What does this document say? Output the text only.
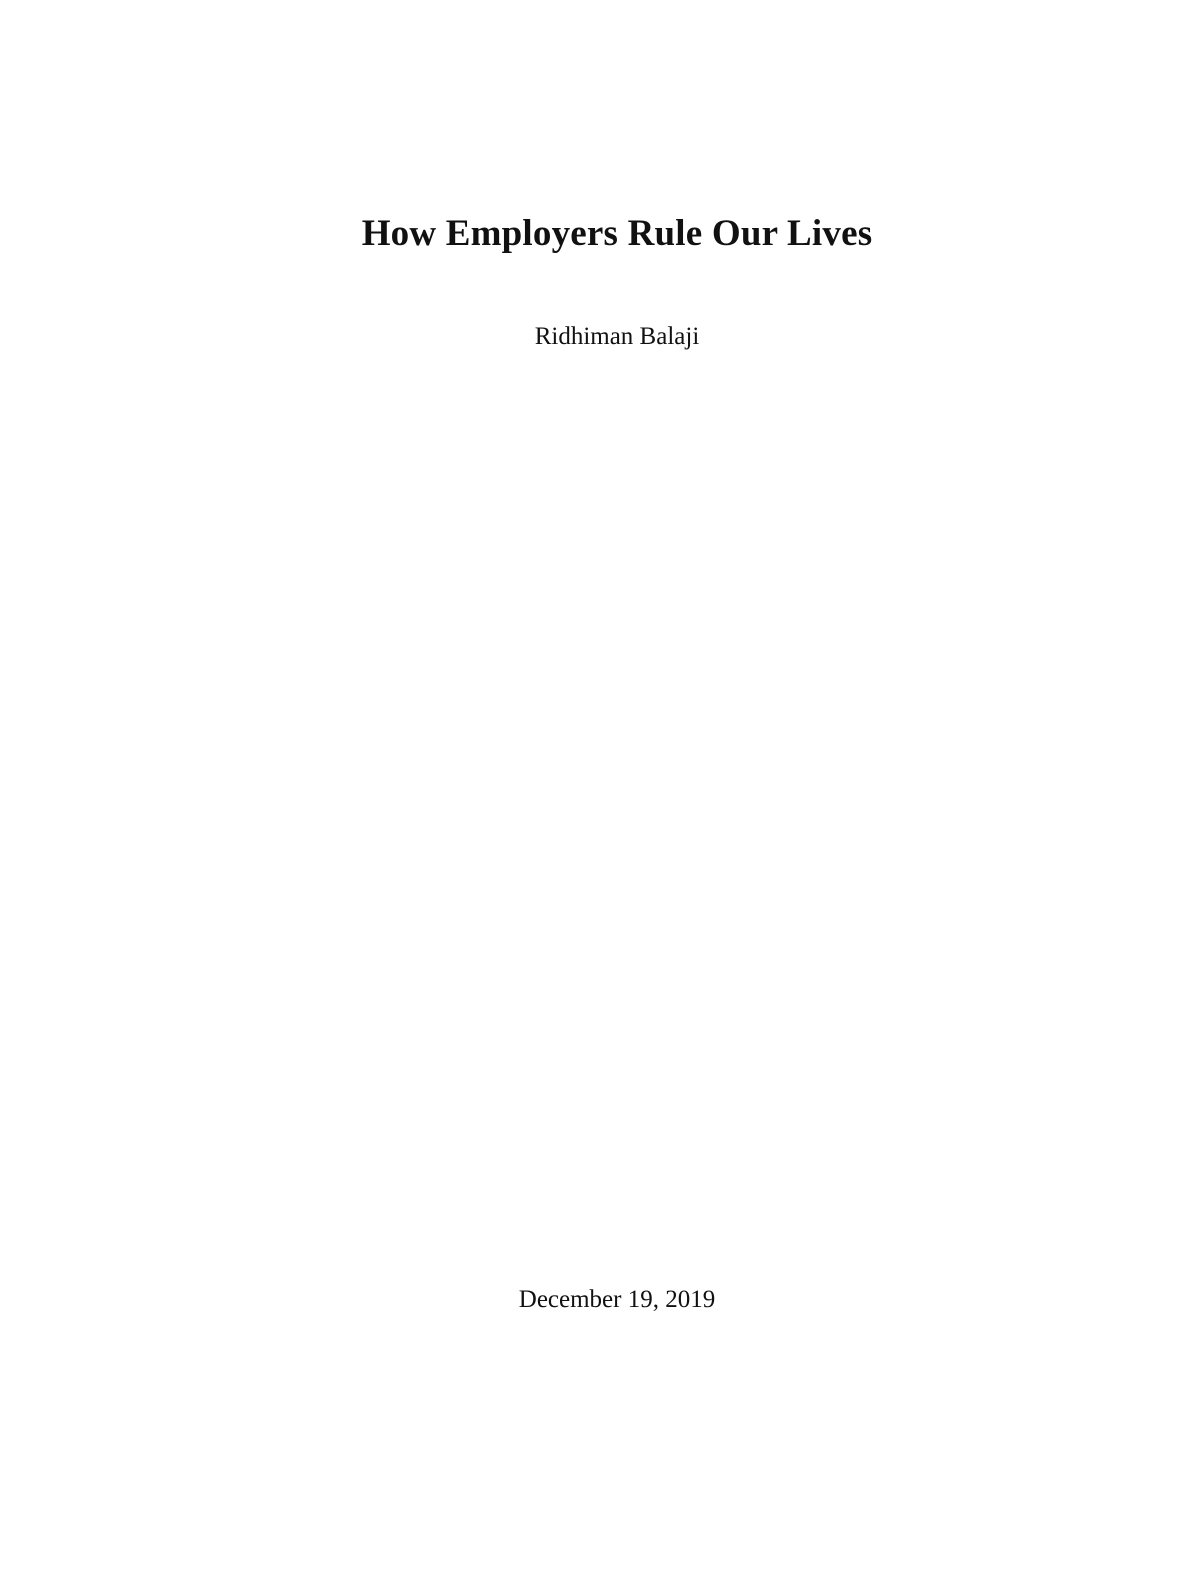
How Employers Rule Our Lives
Ridhiman Balaji
December 19, 2019
